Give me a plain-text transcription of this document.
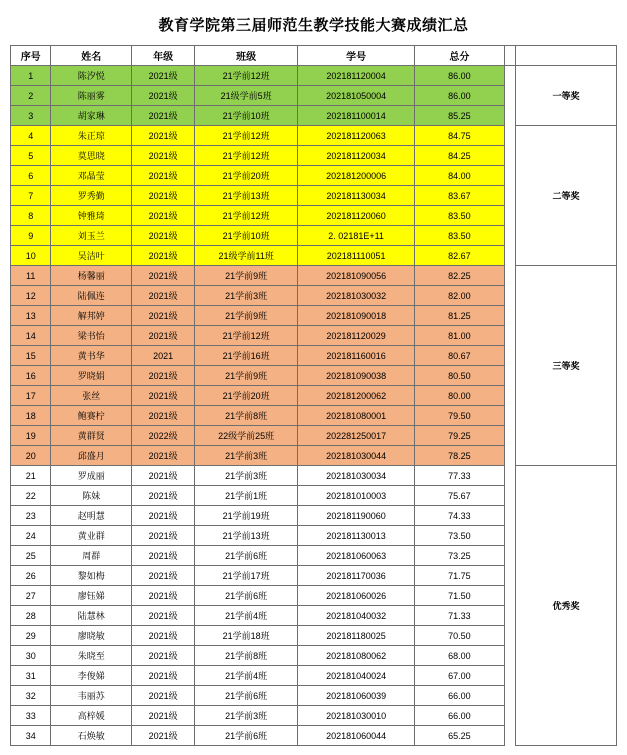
教育学院第三届师范生教学技能大赛成绩汇总
序号	姓名	年级	班级	学号	总分		
1	陈汐悦	2021级	21学前12班	202181120004	86.00		一等奖
2	陈丽雾	2021级	21级学前5班	202181050004	86.00		
3	胡家琳	2021级	21学前10班	202181100014	85.25		
4	朱正琼	2021级	21学前12班	202181120063	84.75		二等奖
5	莫思晓	2021级	21学前12班	202181120034	84.25		
6	邓晶莹	2021级	21学前20班	202181200006	84.00		
7	罗秀勤	2021级	21学前13班	202181130034	83.67		
8	钟雅琦	2021级	21学前12班	202181120060	83.50		
9	刘玉兰	2021级	21学前10班	2. 02181E+11	83.50		
10	吴洁叶	2021级	21级学前11班	202181110051	82.67		
11	杨馨丽	2021级	21学前9班	202181090056	82.25		三等奖
12	陆佩连	2021级	21学前3班	202181030032	82.00		
13	解邦婷	2021级	21学前9班	202181090018	81.25		
14	梁书怡	2021级	21学前12班	202181120029	81.00		
15	黄书华	2021	21学前16班	202181160016	80.67		
16	罗晓娟	2021级	21学前9班	202181090038	80.50		
17	张丝	2021级	21学前20班	202181200062	80.00		
18	鲍赛柠	2021级	21学前8班	202181080001	79.50		
19	黄群贤	2022级	22级学前25班	202281250017	79.25		
20	邱盛月	2021级	21学前3班	202181030044	78.25		
21	罗成丽	2021级	21学前3班	202181030034	77.33		优秀奖
22	陈妹	2021级	21学前1班	202181010003	75.67		
23	赵明慧	2021级	21学前19班	202181190060	74.33		
24	黄业群	2021级	21学前13班	202181130013	73.50		
25	周群	2021级	21学前6班	202181060063	73.25		
26	黎如梅	2021级	21学前17班	202181170036	71.75		
27	廖钰娣	2021级	21学前6班	202181060026	71.50		
28	陆慧林	2021级	21学前4班	202181040032	71.33		
29	廖晓敏	2021级	21学前18班	202181180025	70.50		
30	朱晓至	2021级	21学前8班	202181080062	68.00		
31	李俊娣	2021级	21学前4班	202181040024	67.00		
32	韦丽苏	2021级	21学前6班	202181060039	66.00		
33	高梓媛	2021级	21学前3班	202181030010	66.00		
34	石焕敏	2021级	21学前6班	202181060044	65.25		
